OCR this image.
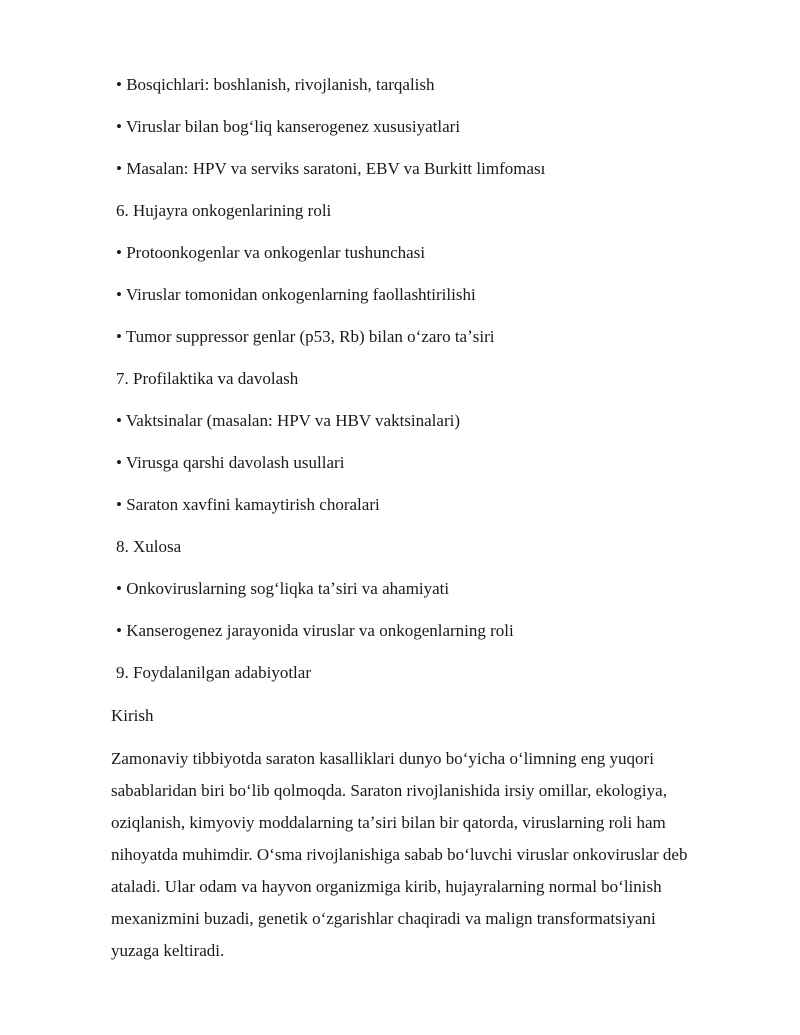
• Bosqichlari: boshlanish, rivojlanish, tarqalish
• Viruslar bilan bogʻliq kanserogenez xususiyatlari
• Masalan: HPV va serviks saratoni, EBV va Burkitt limfoması
6. Hujayra onkogenlarining roli
• Protoonkogenlar va onkogenlar tushunchasi
• Viruslar tomonidan onkogenlarning faollashtirilishi
• Tumor suppressor genlar (p53, Rb) bilan oʻzaro taʼsiri
7. Profilaktika va davolash
• Vaktsinalar (masalan: HPV va HBV vaktsinalari)
• Virusga qarshi davolash usullari
• Saraton xavfini kamaytirish choralari
8. Xulosa
• Onkoviruslarning sogʻliqka taʼsiri va ahamiyati
• Kanserogenez jarayonida viruslar va onkogenlarning roli
9. Foydalanilgan adabiyotlar
Kirish
Zamonaviy tibbiyotda saraton kasalliklari dunyo boʻyicha oʻlimning eng yuqori
sabablaridan biri boʻlib qolmoqda. Saraton rivojlanishida irsiy omillar, ekologiya,
oziqlanish, kimyoviy moddalarning taʼsiri bilan bir qatorda, viruslarning roli ham
nihoyatda muhimdir. Oʻsma rivojlanishiga sabab boʻluvchi viruslar onkoviruslar deb
ataladi. Ular odam va hayvon organizmiga kirib, hujayralarning normal boʻlinish
mexanizmini buzadi, genetik oʻzgarishlar chaqiradi va malign transformatsiyani
yuzaga keltiradi.
